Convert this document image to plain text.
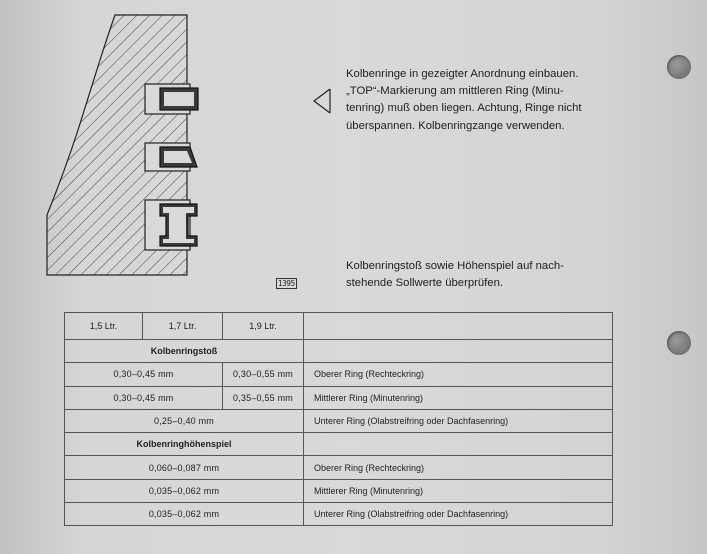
1395

Kolbenringe in gezeigter Anordnung einbauen.
„TOP“-Markierung am mittleren Ring (Minu-
tenring) muß oben liegen. Achtung, Ringe nicht
überspannen. Kolbenringzange verwenden.

Kolbenringstoß sowie Höhenspiel auf nach-
stehende Sollwerte überprüfen.

1,5 Ltr.	1,7 Ltr.	1,9 Ltr.	
Kolbenringstoß			
0,30–0,45 mm		0,30–0,55 mm	Oberer Ring (Rechteckring)
0,30–0,45 mm		0,35–0,55 mm	Mittlerer Ring (Minutenring)
0,25–0,40 mm			Unterer Ring (Olabstreifring oder Dachfasenring)
Kolbenringhöhenspiel			
0,060–0,087 mm			Oberer Ring (Rechteckring)
0,035–0,062 mm			Mittlerer Ring (Minutenring)
0,035–0,062 mm			Unterer Ring (Olabstreifring oder Dachfasenring)
